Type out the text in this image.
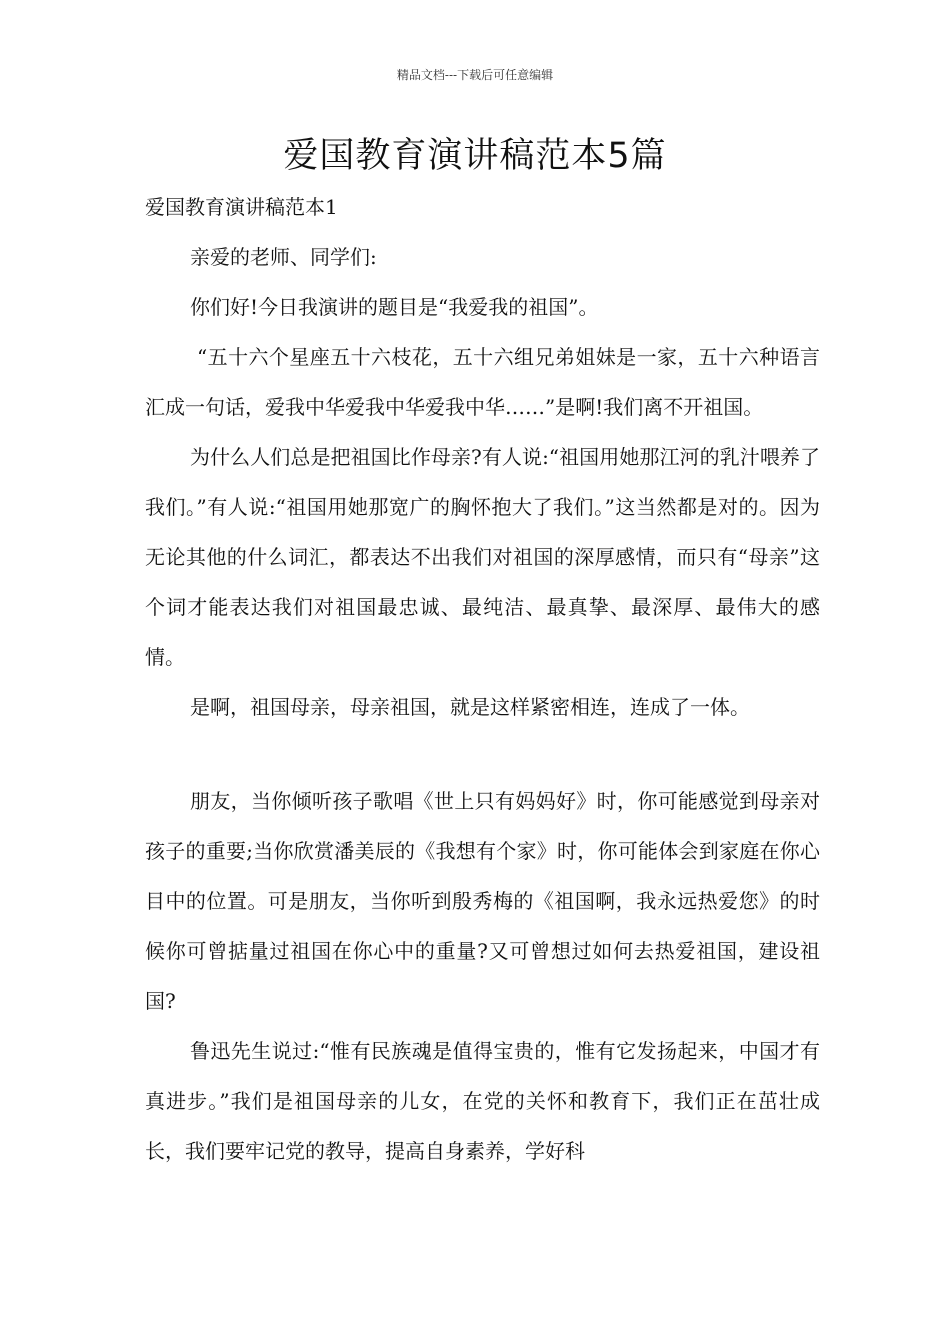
精品文档---下载后可任意编辑
爱国教育演讲稿范本5篇

爱国教育演讲稿范本1

亲爱的老师、同学们:

你们好!今日我演讲的题目是“我爱我的祖国”。

“五十六个星座五十六枝花，五十六组兄弟姐妹是一家，五十六种语言汇成一句话，爱我中华爱我中华爱我中华……”是啊!我们离不开祖国。

为什么人们总是把祖国比作母亲?有人说:“祖国用她那江河的乳汁喂养了我们。”有人说:“祖国用她那宽广的胸怀抱大了我们。”这当然都是对的。因为无论其他的什么词汇，都表达不出我们对祖国的深厚感情，而只有“母亲”这个词才能表达我们对祖国最忠诚、最纯洁、最真挚、最深厚、最伟大的感情。

是啊，祖国母亲，母亲祖国，就是这样紧密相连，连成了一体。

朋友，当你倾听孩子歌唱《世上只有妈妈好》时，你可能感觉到母亲对孩子的重要;当你欣赏潘美辰的《我想有个家》时，你可能体会到家庭在你心目中的位置。可是朋友，当你听到殷秀梅的《祖国啊，我永远热爱您》的时候你可曾掂量过祖国在你心中的重量?又可曾想过如何去热爱祖国，建设祖国?

鲁迅先生说过:“惟有民族魂是值得宝贵的，惟有它发扬起来，中国才有真进步。”我们是祖国母亲的儿女，在党的关怀和教育下，我们正在茁壮成长，我们要牢记党的教导，提高自身素养，学好科
